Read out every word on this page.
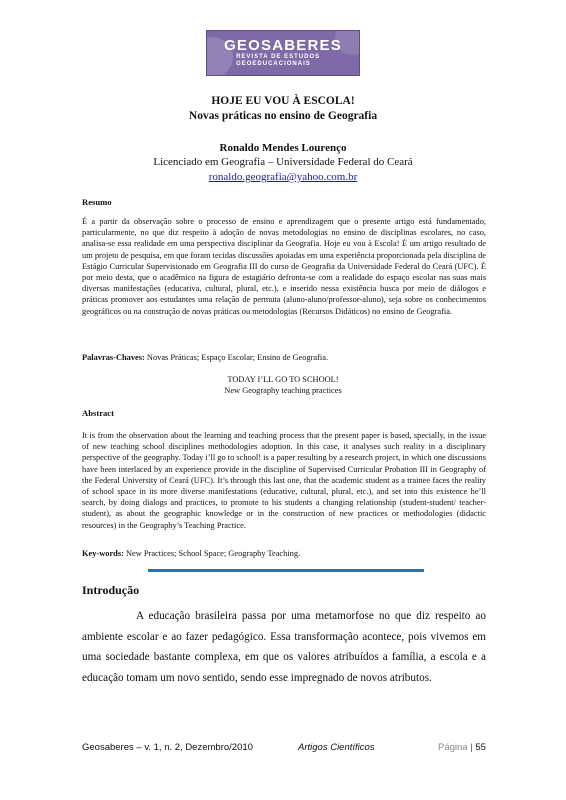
GEOSABERES
REVISTA DE ESTUDOS
GEOEDUCACIONAIS
HOJE EU VOU À ESCOLA!
Novas práticas no ensino de Geografia
Ronaldo Mendes Lourenço
Licenciado em Geografia – Universidade Federal do Ceará
ronaldo.geografia@yahoo.com.br
Resumo
É a partir da observação sobre o processo de ensino e aprendizagem que o presente artigo está fundamentado, particularmente, no que diz respeito à adoção de novas metodologias no ensino de disciplinas escolares, no caso, analisa-se essa realidade em uma perspectiva disciplinar da Geografia. Hoje eu vou à Escola! É um artigo resultado de um projeto de pesquisa, em que foram tecidas discussões apoiadas em uma experiência proporcionada pela disciplina de Estágio Curricular Supervisionado em Geografia III do curso de Geografia da Universidade Federal do Ceará (UFC). É por meio desta, que o acadêmico na figura de estagiário defronta-se com a realidade do espaço escolar nas suas mais diversas manifestações (educativa, cultural, plural, etc.), e inserido nessa existência busca por meio de diálogos e práticas promover aos estudantes uma relação de permuta (aluno-aluno/professor-aluno), seja sobre os conhecimentos geográficos ou na construção de novas práticas ou metodologias (Recursos Didáticos) no ensino de Geografia.
Palavras-Chaves: Novas Práticas; Espaço Escolar; Ensino de Geografia.
TODAY I’LL GO TO SCHOOL!
New Geography teaching practices
Abstract
It is from the observation about the learning and teaching process that the present paper is based, specially, in the issue of new teaching school disciplines methodologies adoption. In this case, it analyses such reality in a disciplinary perspective of the geography. Today i’ll go to school! is a paper resulting by a research project, in which one discussions have been interlaced by an experience provide in the discipline of Supervised Curricular Probation III in Geography of the Federal University of Ceará (UFC). It’s through this last one, that the academic student as a trainee faces the reality of school space in its more diverse manifestations (educative, cultural, plural, etc.), and set into this existence he’ll search, by doing dialogs and practices, to promote to his students a changing relationship (student-student/ teacher-student), as about the geographic knowledge or in the construction of new practices or methodologies (didactic resources) in the Geography’s Teaching Practice.
Key-words: New Practices; School Space; Geography Teaching.
Introdução
A educação brasileira passa por uma metamorfose no que diz respeito ao ambiente escolar e ao fazer pedagógico. Essa transformação acontece, pois vivemos em uma sociedade bastante complexa, em que os valores atribuídos a família, a escola e a educação tomam um novo sentido, sendo esse impregnado de novos atributos.
Geosaberes – v. 1, n. 2, Dezembro/2010	Artigos Científicos	Página | 55
